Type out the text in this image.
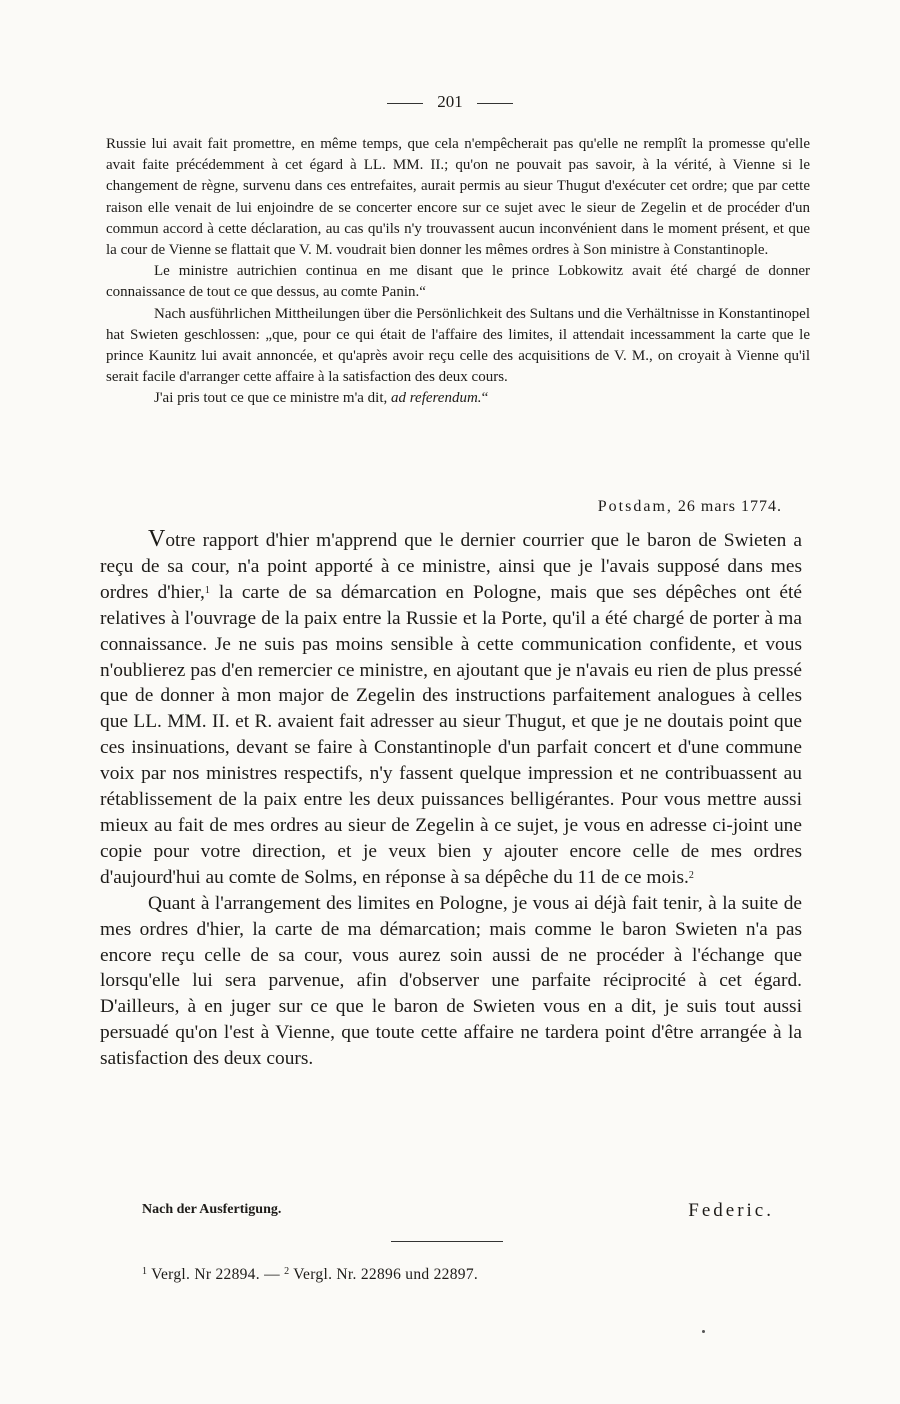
201

Russie lui avait fait promettre, en même temps, que cela n'empêcherait pas qu'elle ne remplît la promesse qu'elle avait faite précédemment à cet égard à LL. MM. II.; qu'on ne pouvait pas savoir, à la vérité, à Vienne si le changement de règne, survenu dans ces entrefaites, aurait permis au sieur Thugut d'exécuter cet ordre; que par cette raison elle venait de lui enjoindre de se concerter encore sur ce sujet avec le sieur de Zegelin et de procéder d'un commun accord à cette déclaration, au cas qu'ils n'y trouvassent aucun inconvénient dans le moment présent, et que la cour de Vienne se flattait que V. M. voudrait bien donner les mêmes ordres à Son ministre à Constantinople.

Le ministre autrichien continua en me disant que le prince Lobkowitz avait été chargé de donner connaissance de tout ce que dessus, au comte Panin.“

Nach ausführlichen Mittheilungen über die Persönlichkeit des Sultans und die Verhältnisse in Konstantinopel hat Swieten geschlossen: „que, pour ce qui était de l'affaire des limites, il attendait incessamment la carte que le prince Kaunitz lui avait annoncée, et qu'après avoir reçu celle des acquisitions de V. M., on croyait à Vienne qu'il serait facile d'arranger cette affaire à la satisfaction des deux cours.

J'ai pris tout ce que ce ministre m'a dit, ad referendum.“

Potsdam, 26 mars 1774.

Votre rapport d'hier m'apprend que le dernier courrier que le baron de Swieten a reçu de sa cour, n'a point apporté à ce ministre, ainsi que je l'avais supposé dans mes ordres d'hier,$^1$ la carte de sa démarcation en Pologne, mais que ses dépêches ont été relatives à l'ouvrage de la paix entre la Russie et la Porte, qu'il a été chargé de porter à ma connaissance. Je ne suis pas moins sensible à cette communication confidente, et vous n'oublierez pas d'en remercier ce ministre, en ajoutant que je n'avais eu rien de plus pressé que de donner à mon major de Zegelin des instructions parfaitement analogues à celles que LL. MM. II. et R. avaient fait adresser au sieur Thugut, et que je ne doutais point que ces insinuations, devant se faire à Constantinople d'un parfait concert et d'une commune voix par nos ministres respectifs, n'y fassent quelque impression et ne contribuassent au rétablissement de la paix entre les deux puissances belligérantes. Pour vous mettre aussi mieux au fait de mes ordres au sieur de Zegelin à ce sujet, je vous en adresse ci-joint une copie pour votre direction, et je veux bien y ajouter encore celle de mes ordres d'aujourd'hui au comte de Solms, en réponse à sa dépêche du 11 de ce mois.$^2$

Quant à l'arrangement des limites en Pologne, je vous ai déjà fait tenir, à la suite de mes ordres d'hier, la carte de ma démarcation; mais comme le baron Swieten n'a pas encore reçu celle de sa cour, vous aurez soin aussi de ne procéder à l'échange que lorsqu'elle lui sera parvenue, afin d'observer une parfaite réciprocité à cet égard. D'ailleurs, à en juger sur ce que le baron de Swieten vous en a dit, je suis tout aussi persuadé qu'on l'est à Vienne, que toute cette affaire ne tardera point d'être arrangée à la satisfaction des deux cours.

Nach der Ausfertigung.	Federic.
$^1$ Vergl. Nr 22894. — $^2$ Vergl. Nr. 22896 und 22897.
